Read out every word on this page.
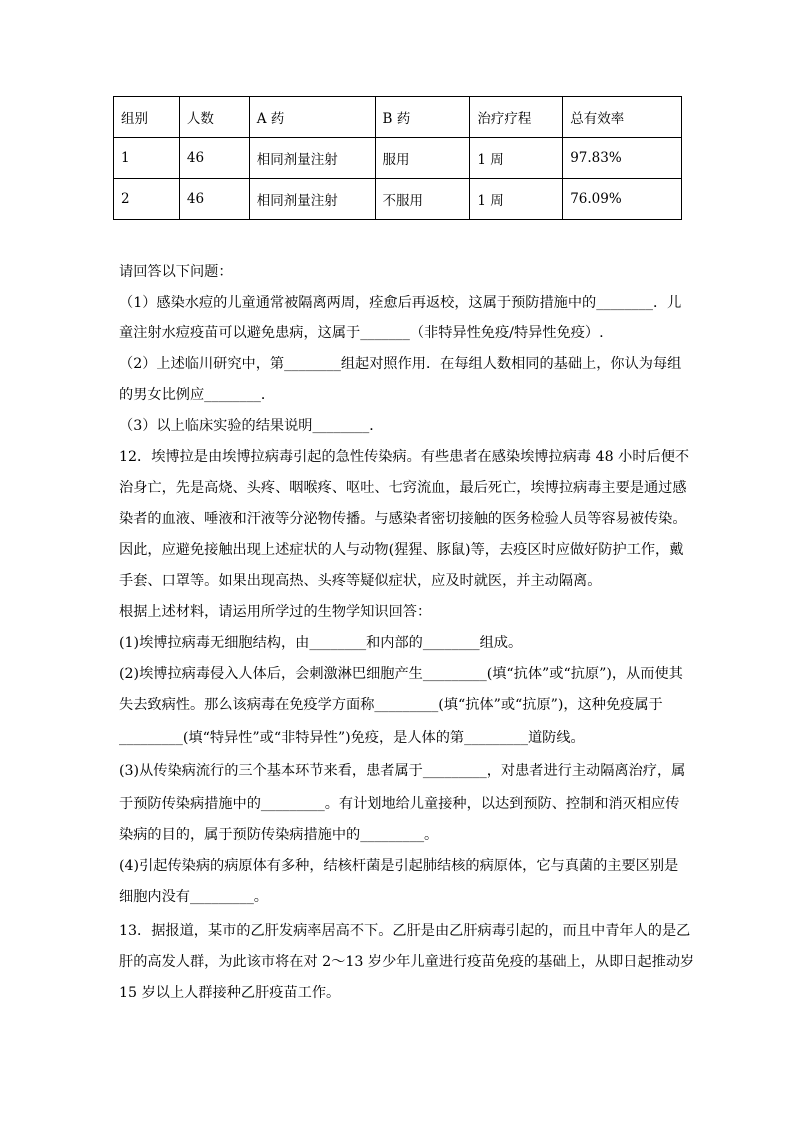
组别	人数	A 药	B 药	治疗疗程	总有效率
1	46	相同剂量注射	服用	1 周	97.83%
2	46	相同剂量注射	不服用	1 周	76.09%
请回答以下问题：
（1）感染水痘的儿童通常被隔离两周，痊愈后再返校，这属于预防措施中的________．儿
童注射水痘疫苗可以避免患病，这属于_______（非特异性免疫/特异性免疫）.
（2）上述临川研究中，第________组起对照作用．在每组人数相同的基础上，你认为每组
的男女比例应________．
（3）以上临床实验的结果说明________．
12．埃博拉是由埃博拉病毒引起的急性传染病。有些患者在感染埃博拉病毒 48 小时后便不
治身亡，先是高烧、头疼、咽喉疼、呕吐、七窍流血，最后死亡，埃博拉病毒主要是通过感
染者的血液、唾液和汗液等分泌物传播。与感染者密切接触的医务检验人员等容易被传染。
因此，应避免接触出现上述症状的人与动物(猩猩、豚鼠)等，去疫区时应做好防护工作，戴
手套、口罩等。如果出现高热、头疼等疑似症状，应及时就医，并主动隔离。
根据上述材料，请运用所学过的生物学知识回答：
(1)埃博拉病毒无细胞结构，由________和内部的________组成。
(2)埃博拉病毒侵入人体后，会刺激淋巴细胞产生_________(填“抗体”或“抗原”)，从而使其
失去致病性。那么该病毒在免疫学方面称_________(填“抗体”或“抗原”)，这种免疫属于
_________(填“特异性”或“非特异性”)免疫，是人体的第_________道防线。
(3)从传染病流行的三个基本环节来看，患者属于_________，对患者进行主动隔离治疗，属
于预防传染病措施中的_________。有计划地给儿童接种，以达到预防、控制和消灭相应传
染病的目的，属于预防传染病措施中的_________。
(4)引起传染病的病原体有多种，结核杆菌是引起肺结核的病原体，它与真菌的主要区别是
细胞内没有_________。
13．据报道，某市的乙肝发病率居高不下。乙肝是由乙肝病毒引起的，而且中青年人的是乙
肝的高发人群，为此该市将在对 2～13 岁少年儿童进行疫苗免疫的基础上，从即日起推动岁
15 岁以上人群接种乙肝疫苗工作。
